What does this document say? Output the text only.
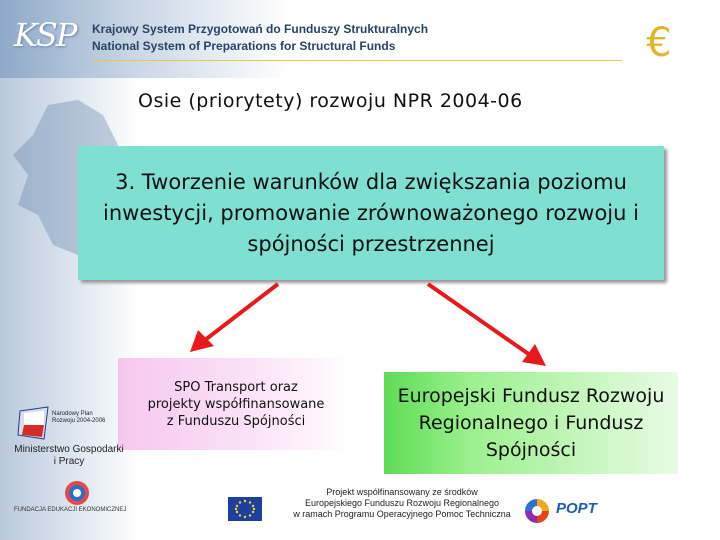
KSP	Krajowy System Przygotowań do Funduszy Strukturalnych
National System of Preparations for Structural Funds	€
Osie (priorytety) rozwoju NPR 2004-06
3. Tworzenie warunków dla zwiększania poziomu inwestycji, promowanie zrównoważonego rozwoju i spójności przestrzennej
SPO Transport oraz projekty współfinansowane z Funduszu Spójności
Europejski Fundusz Rozwoju Regionalnego i Fundusz Spójności
Narodowy Plan
Rozwoju 2004-2006
Ministerstwo Gospodarki i Pracy
FUNDACJA EDUKACJI EKONOMICZNEJ
Projekt współfinansowany ze środków
Europejskiego Funduszu Rozwoju Regionalnego
w ramach Programu Operacyjnego Pomoc Techniczna	POPT
